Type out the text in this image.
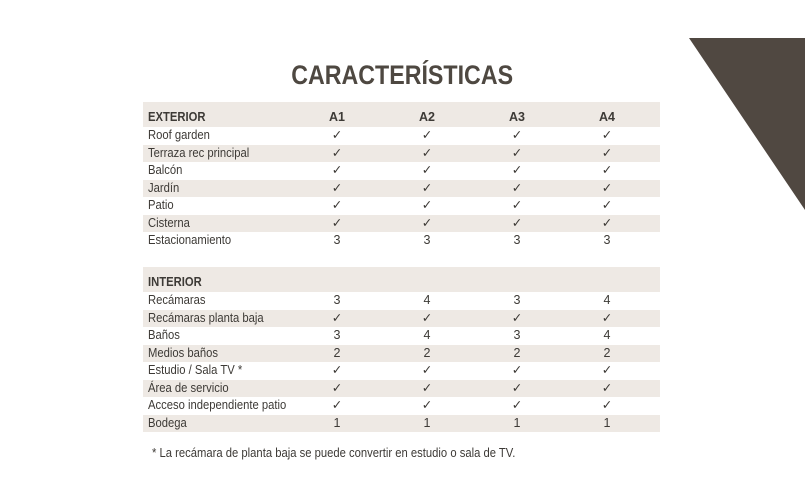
CARACTERÍSTICAS
EXTERIOR	A1	A2	A3	A4
Roof garden	✓	✓	✓	✓
Terraza rec principal	✓	✓	✓	✓
Balcón	✓	✓	✓	✓
Jardín	✓	✓	✓	✓
Patio	✓	✓	✓	✓
Cisterna	✓	✓	✓	✓
Estacionamiento	3	3	3	3
INTERIOR
Recámaras	3	4	3	4
Recámaras planta baja	✓	✓	✓	✓
Baños	3	4	3	4
Medios baños	2	2	2	2
Estudio / Sala TV *	✓	✓	✓	✓
Área de servicio	✓	✓	✓	✓
Acceso independiente patio	✓	✓	✓	✓
Bodega	1	1	1	1
* La recámara de planta baja se puede convertir en estudio o sala de TV.
